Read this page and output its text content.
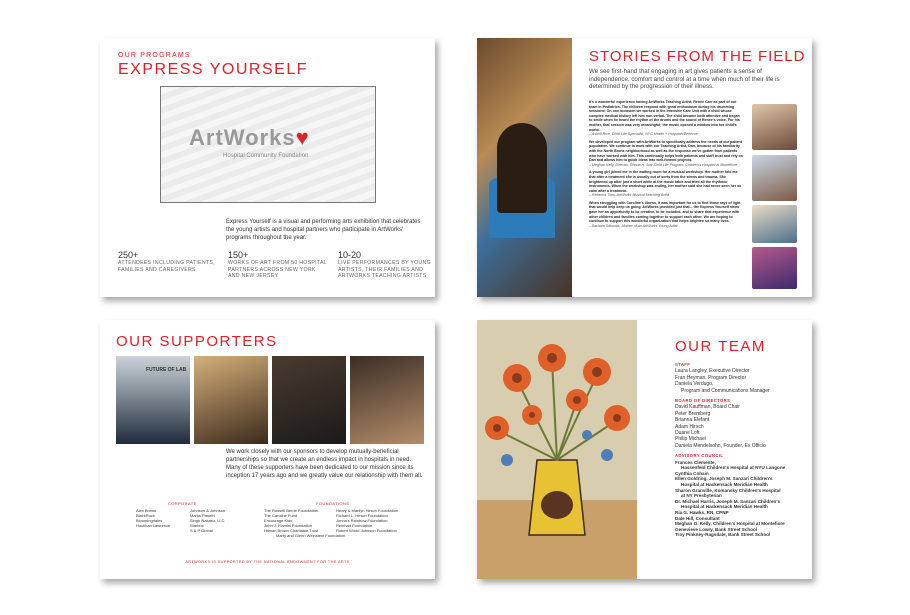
OUR PROGRAMS
EXPRESS YOURSELF
ArtWorks♥
Hospital Community Foundation
Express Yourself is a visual and performing arts exhibition that celebrates the young artists and hospital partners who participate in ArtWorks' programs throughout the year.
250+
ATTENDEES INCLUDING PATIENTS, FAMILIES AND CAREGIVERS
150+
WORKS OF ART FROM 50 HOSPITAL PARTNERS ACROSS NEW YORK AND NEW JERSEY
10-20
LIVE PERFORMANCES BY YOUNG ARTISTS, THEIR FAMILIES AND ARTWORKS TEACHING ARTISTS
STORIES FROM THE FIELD
We see first-hand that engaging in art gives patients a sense of independence, comfort and control at a time when much of their life is determined by the progression of their illness.
It's a wonderful experience having ArtWorks Teaching Artist, Renee Carr as part of our team in Pediatrics. The children respond with great enthusiasm during his drumming sessions! On one occasion we worked in the Intensive Care Unit with a child whose complex medical history left him non-verbal. The child became both attentive and began to smile when he heard the rhythm of the drums and the sound of Renee's voice. For his mother, that session was very meaningful; the music opened a window into her child's world.
– Ashrill Rice, Child Life Specialist, NYC Health + Hospitals/Bellevue
We developed our program with ArtWorks to specifically address the needs of our patient population. We continue to work with our Teaching Artist, Dan, because of his familiarity with the North Bronx neighborhood as well as the response we've gotten from patients who have worked with him. This continually helps both patients and staff trust and rely on Dan and allows him to guide ideas into well-formed projects.
– Meghan Kelly, Director, Rhoda H. Star Child Life Program, Children's Hospital at Montefiore
A young girl joined me in the waiting room for a musical workshop. Her mother told me that after a treatment she is usually out of sorts from the stress and trauma. She brightened up after just a short while at the music table and tried all the rhythmic instruments. When the workshop was ending, her mother said she had never seen her so calm after a treatment.
– Rebecca Tiles, ArtWorks Musical Teaching Artist
When struggling with Caroline's illness, it was important for us to find those rays of light that would help keep us going. ArtWorks provided just that... the Express Yourself show gave her an opportunity to be creative, to be included, and to share that experience with other children and families coming together to support each other. We are hoping to continue to support this wonderful organization that helps brighten so many lives.
– Barbara Sakoutis, Mother of an ArtWorks Young Artist
OUR SUPPORTERS
FUTURE OF LAB
We work closely with our sponsors to develop mutually-beneficial partnerships so that we create an endless impact in hospitals in need. Many of these supporters have been dedicated to our mission since its inception 17 years ago and we greatly value our relationship with them all.
CORPORATE
Alex Brown
BlackRock
Bloomingdales
Houlihan Lawrence
Johnson & Johnson
Marks Paneth
Singh Nakasu, LLC
Starbuc
S & P Global
FOUNDATIONS
The Russell Berrie Foundation
The Caroline Fund
Encourage Kids
John J. Fiamini Foundation
Hilman Brown Charitable Trust
Marty and Glenn Weinstein Foundation
Henry & Marilyn Hirsch Foundation
Richard L. Hirsch Foundation
Jonna's Rainbow Foundation
Reinhart Foundation
Robert Wood Johnson Foundation
ARTWORKS IS SUPPORTED BY THE NATIONAL ENDOWMENT FOR THE ARTS
OUR TEAM
STAFF
Laura Langley, Executive Director
Fran Heyman, Program Director
Daniela Verdugo,
Program and Communications Manager
BOARD OF DIRECTORS
David Kauffman, Board Chair
Peter Bremberg
Brianna Elefant
Adam Hirsch
Duane Loft
Philip Michael
Daniela Mendelsohn, Founder, Ex Officio
ADVISORY COUNCIL
Frances Clemente,
Hassenfeld Children's Hospital at NYU Langone
Cynthia Cohain
Ellen Goldring, Joseph M. Sanzari Children's
Hospital at Hackensack Meridian Health
Sharon Granville, Komansky Children's Hospital
at NY Presbyterian
Dr. Michael Harris, Joseph M. Sanzari Children's
Hospital at Hackensack Meridian Health
Ria G. Hawks, RN, CPNP
Dale Hill, Consultant
Meghan O. Kelly, Children's Hospital at Montefiore
Genevieve Lowry, Bank Street School
Troy Pinkney-Ragsdale, Bank Street School
